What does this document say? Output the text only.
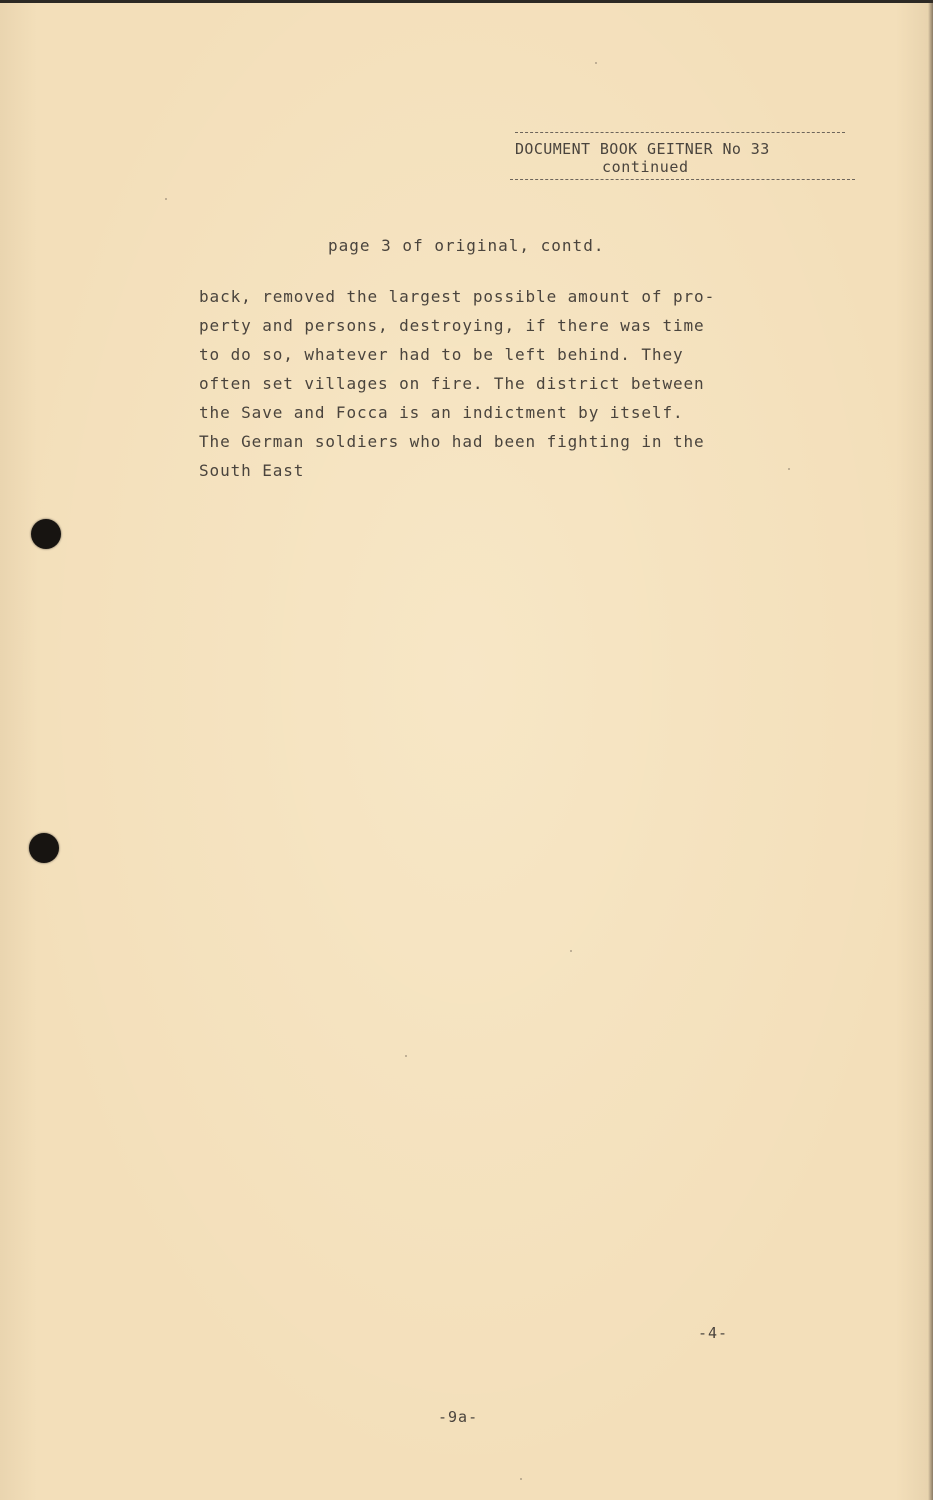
DOCUMENT BOOK GEITNER No 33
continued
page 3 of original, contd.
back, removed the largest possible amount of pro-
perty and persons, destroying, if there was time
to do so, whatever had to be left behind. They
often set villages on fire. The district between
the Save and Focca is an indictment by itself.
The German soldiers who had been fighting in the
South East
-4-
-9a-
